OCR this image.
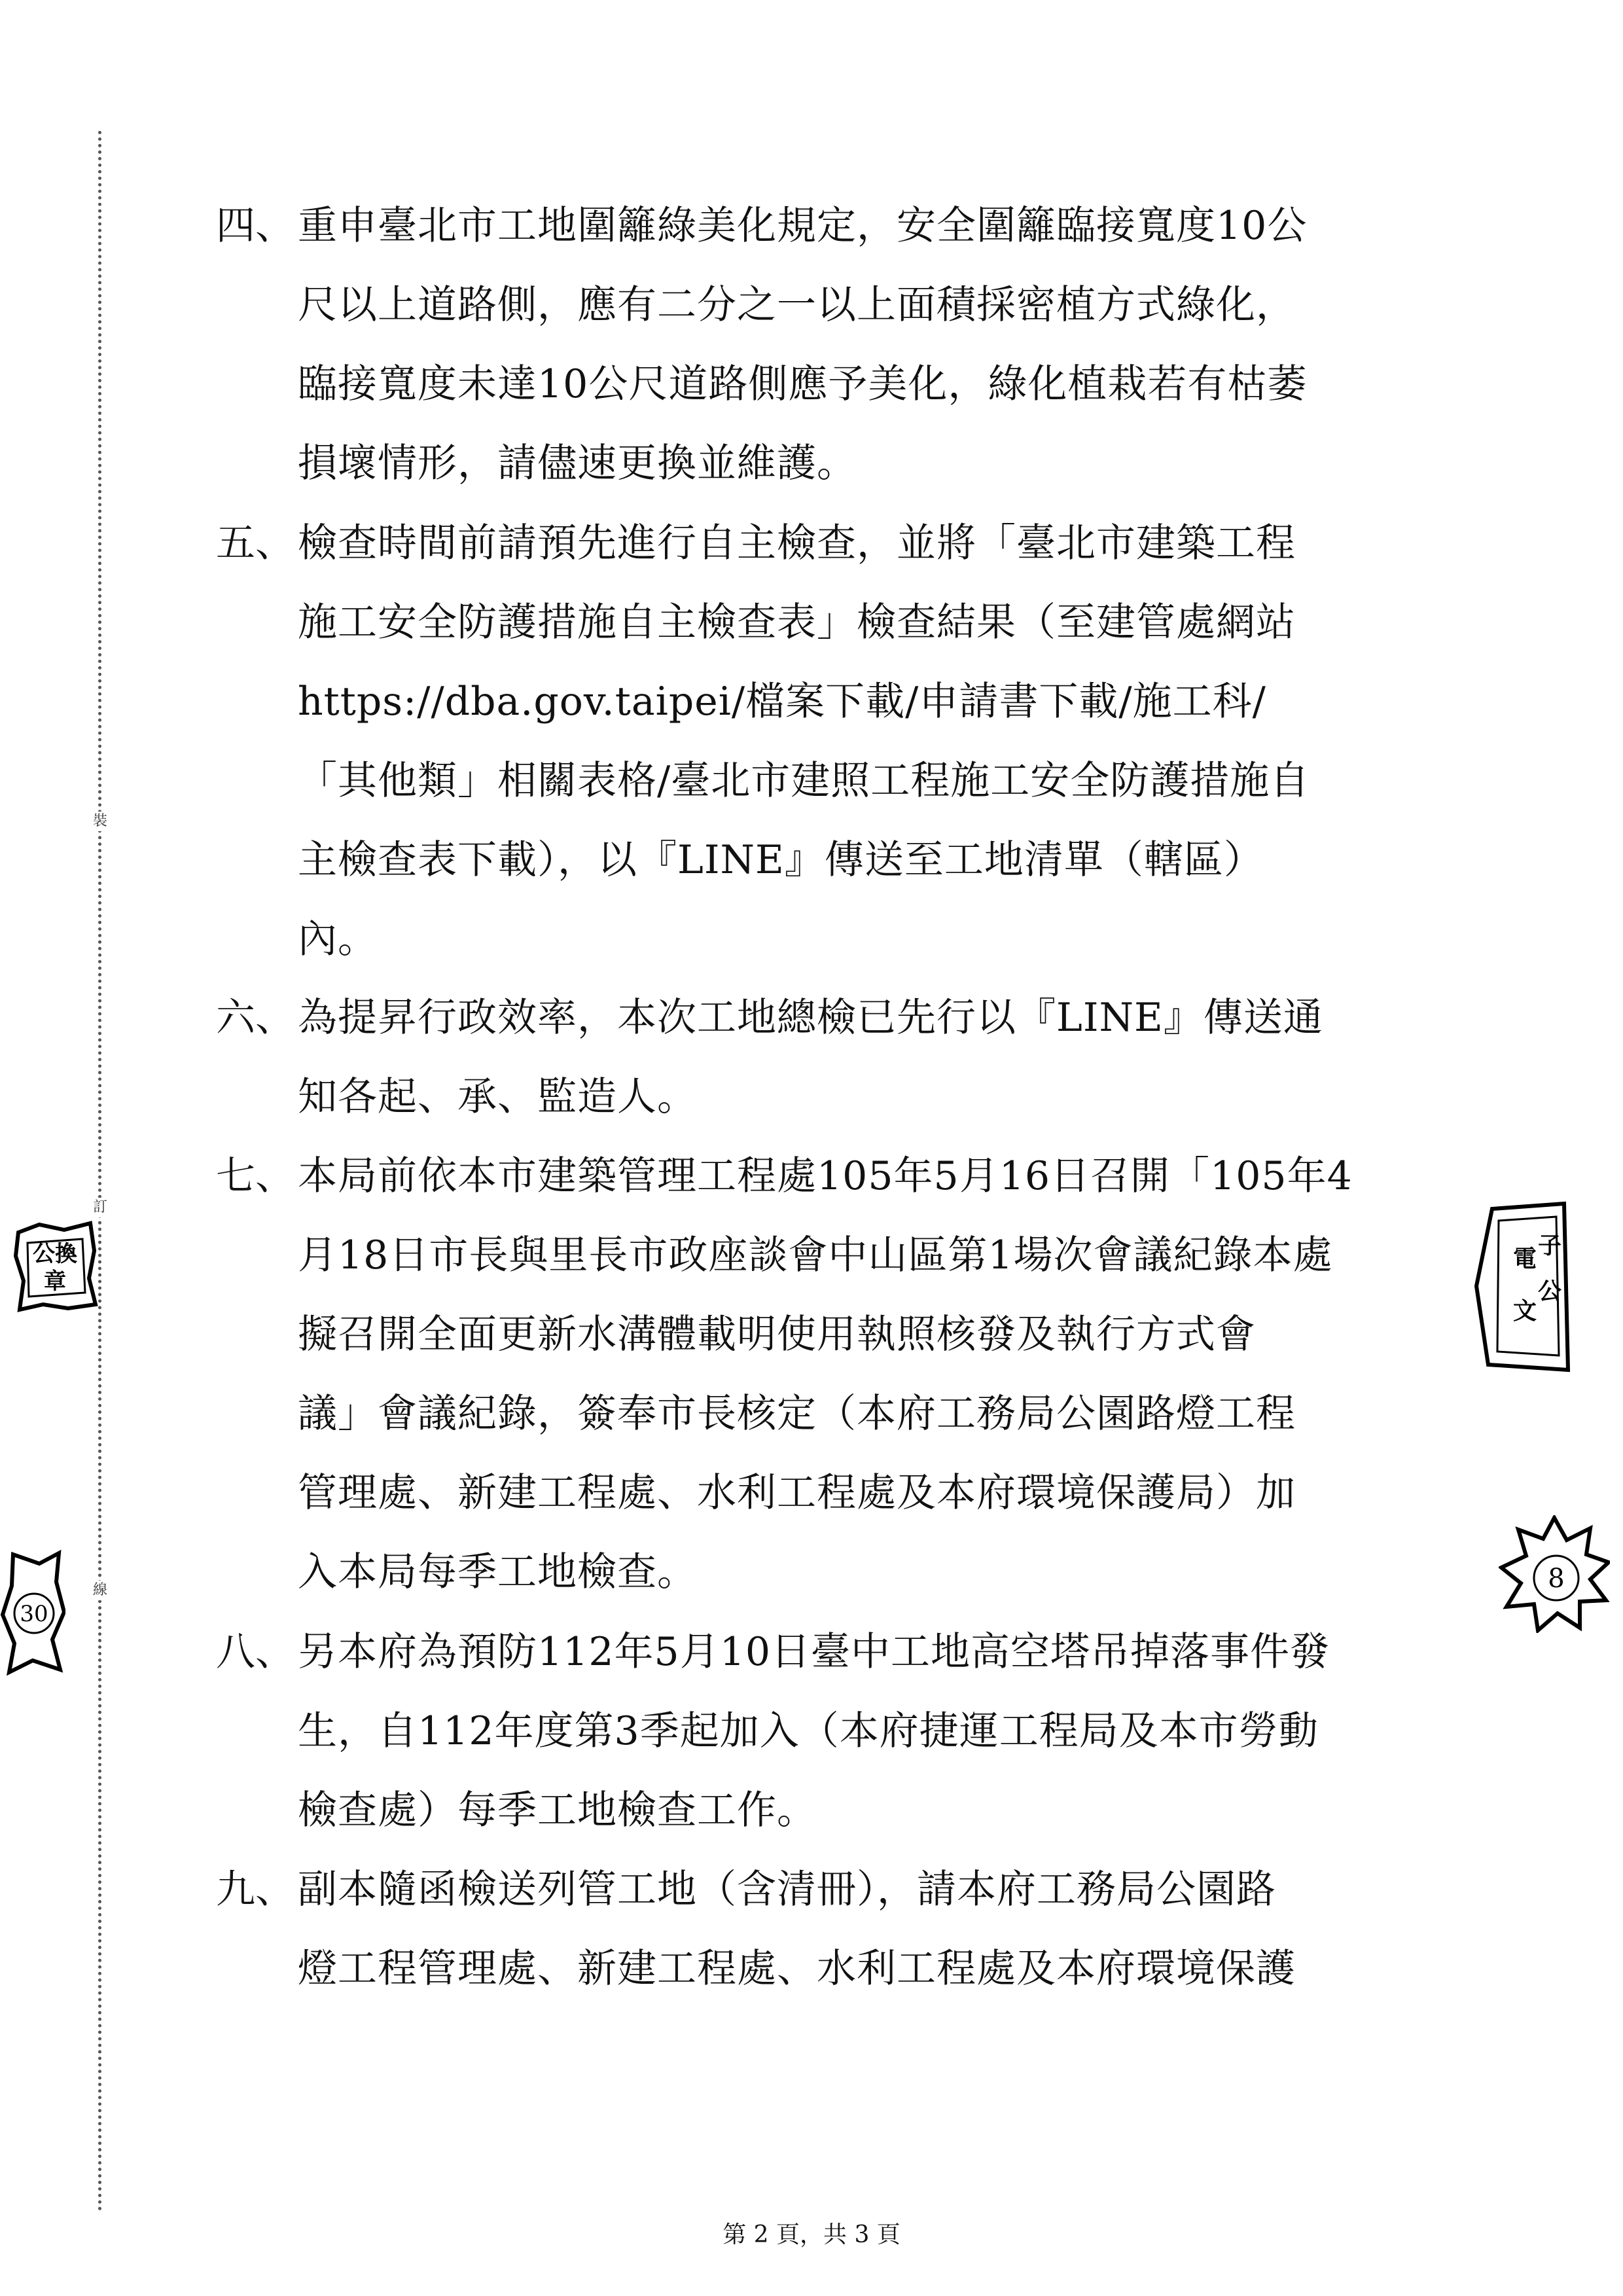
裝
訂
線
四、 重申臺北市工地圍籬綠美化規定，安全圍籬臨接寬度10公
尺以上道路側，應有二分之一以上面積採密植方式綠化，
臨接寬度未達10公尺道路側應予美化，綠化植栽若有枯萎
損壞情形，請儘速更換並維護。
五、 檢查時間前請預先進行自主檢查，並將「臺北市建築工程
施工安全防護措施自主檢查表」檢查結果（至建管處網站
https://dba.gov.taipei/檔案下載/申請書下載/施工科/
「其他類」相關表格/臺北市建照工程施工安全防護措施自
主檢查表下載），以『LINE』傳送至工地清單（轄區）
內。
六、 為提昇行政效率，本次工地總檢已先行以『LINE』傳送通
知各起、承、監造人。
七、 本局前依本市建築管理工程處105年5月16日召開「105年4
月18日市長與里長市政座談會中山區第1場次會議紀錄本處
擬召開全面更新水溝體載明使用執照核發及執行方式會
議」會議紀錄，簽奉市長核定（本府工務局公園路燈工程
管理處、新建工程處、水利工程處及本府環境保護局）加
入本局每季工地檢查。
八、 另本府為預防112年5月10日臺中工地高空塔吊掉落事件發
生，自112年度第3季起加入（本府捷運工程局及本市勞動
檢查處）每季工地檢查工作。
九、 副本隨函檢送列管工地（含清冊），請本府工務局公園路
燈工程管理處、新建工程處、水利工程處及本府環境保護
第 2 頁，共 3 頁
公換
章
30
電 子
公
文
8
